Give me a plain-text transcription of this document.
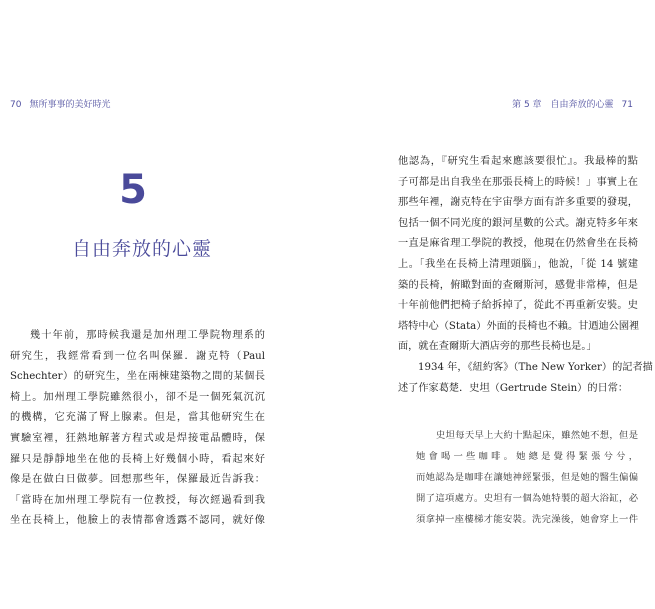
70 無所事事的美好時光	第 5 章　自由奔放的心靈 71
5
自由奔放的心靈
幾十年前，那時候我還是加州理工學院物理系的
研究生，我經常看到一位名叫保羅．謝克特（Paul
Schechter）的研究生，坐在兩棟建築物之間的某個長
椅上。加州理工學院雖然很小，卻不是一個死氣沉沉
的機構，它充滿了腎上腺素。但是，當其他研究生在
實驗室裡，狂熱地解著方程式或是焊接電晶體時，保
羅只是靜靜地坐在他的長椅上好幾個小時，看起來好
像是在做白日做夢。回想那些年，保羅最近告訴我：
「當時在加州理工學院有一位教授，每次經過看到我
坐在長椅上，他臉上的表情都會透露不認同，就好像
他認為，『研究生看起來應該要很忙』。我最棒的點
子可都是出自我坐在那張長椅上的時候！」事實上在
那些年裡，謝克特在宇宙學方面有許多重要的發現，
包括一個不同光度的銀河星數的公式。謝克特多年來
一直是麻省理工學院的教授，他現在仍然會坐在長椅
上。「我坐在長椅上清理頭腦」，他說，「從 14 號建
築的長椅，俯瞰對面的查爾斯河，感覺非常棒，但是
十年前他們把椅子給拆掉了，從此不再重新安裝。史
塔特中心（Stata）外面的長椅也不賴。甘迺迪公園裡
面，就在查爾斯大酒店旁的那些長椅也是。」
1934 年，《紐約客》（The New Yorker）的記者描
述了作家葛楚．史坦（Gertrude Stein）的日常：
史坦每天早上大約十點起床，雖然她不想，但是
她會喝一些咖啡。她總是覺得緊張兮兮，
而她認為是咖啡在讓她神經緊張，但是她的醫生偏偏
開了這項處方。史坦有一個為她特製的超大浴缸，必
須拿掉一座樓梯才能安裝。洗完澡後，她會穿上一件
